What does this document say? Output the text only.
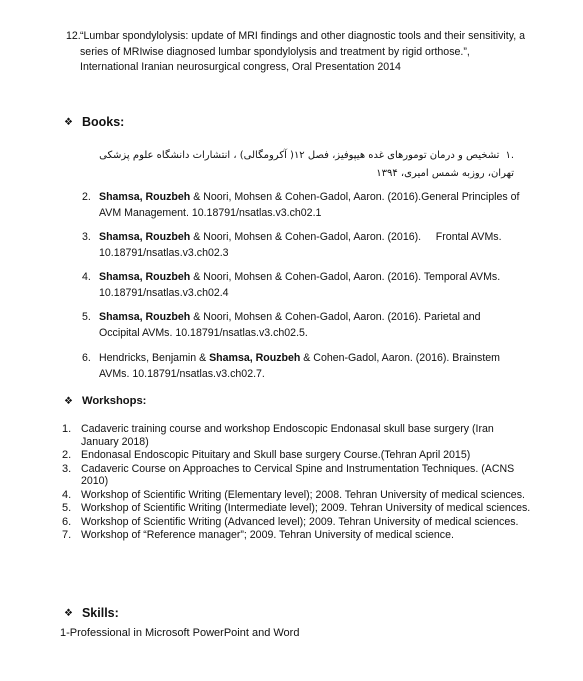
12. “Lumbar spondylolysis: update of MRI findings and other diagnostic tools and their sensitivity, a series of MRIwise diagnosed lumbar spondylolysis and treatment by rigid orthose.”, International Iranian neurosurgical congress, Oral Presentation 2014
❖ Books:
.۱تشخیص و درمان تومورهای غده هیپوفیز، فصل ۱۲( آکرومگالی) ، انتشارات دانشگاه علوم پزشکی
تهران، روزبه شمس امیری، ۱۳۹۴
2. Shamsa, Rouzbeh & Noori, Mohsen & Cohen-Gadol, Aaron. (2016).General Principles of AVM Management. 10.18791/nsatlas.v3.ch02.1
3. Shamsa, Rouzbeh & Noori, Mohsen & Cohen-Gadol, Aaron. (2016).     Frontal AVMs. 10.18791/nsatlas.v3.ch02.3
4. Shamsa, Rouzbeh & Noori, Mohsen & Cohen-Gadol, Aaron. (2016). Temporal AVMs. 10.18791/nsatlas.v3.ch02.4
5. Shamsa, Rouzbeh & Noori, Mohsen & Cohen-Gadol, Aaron. (2016). Parietal and Occipital AVMs. 10.18791/nsatlas.v3.ch02.5.
6. Hendricks, Benjamin & Shamsa, Rouzbeh & Cohen-Gadol, Aaron. (2016). Brainstem AVMs. 10.18791/nsatlas.v3.ch02.7.
❖ Workshops:
1. Cadaveric training course and workshop Endoscopic Endonasal skull base surgery (Iran January 2018)
2. Endonasal Endoscopic Pituitary and Skull base surgery Course.(Tehran April 2015)
3. Cadaveric Course on Approaches to Cervical Spine and Instrumentation Techniques. (ACNS 2010)
4. Workshop of Scientific Writing (Elementary level); 2008. Tehran University of medical sciences.
5. Workshop of Scientific Writing (Intermediate level); 2009. Tehran University of medical sciences.
6. Workshop of Scientific Writing (Advanced level); 2009. Tehran University of medical sciences.
7. Workshop of “Reference manager”; 2009. Tehran University of medical science.
❖ Skills:
1-Professional in Microsoft PowerPoint and Word
